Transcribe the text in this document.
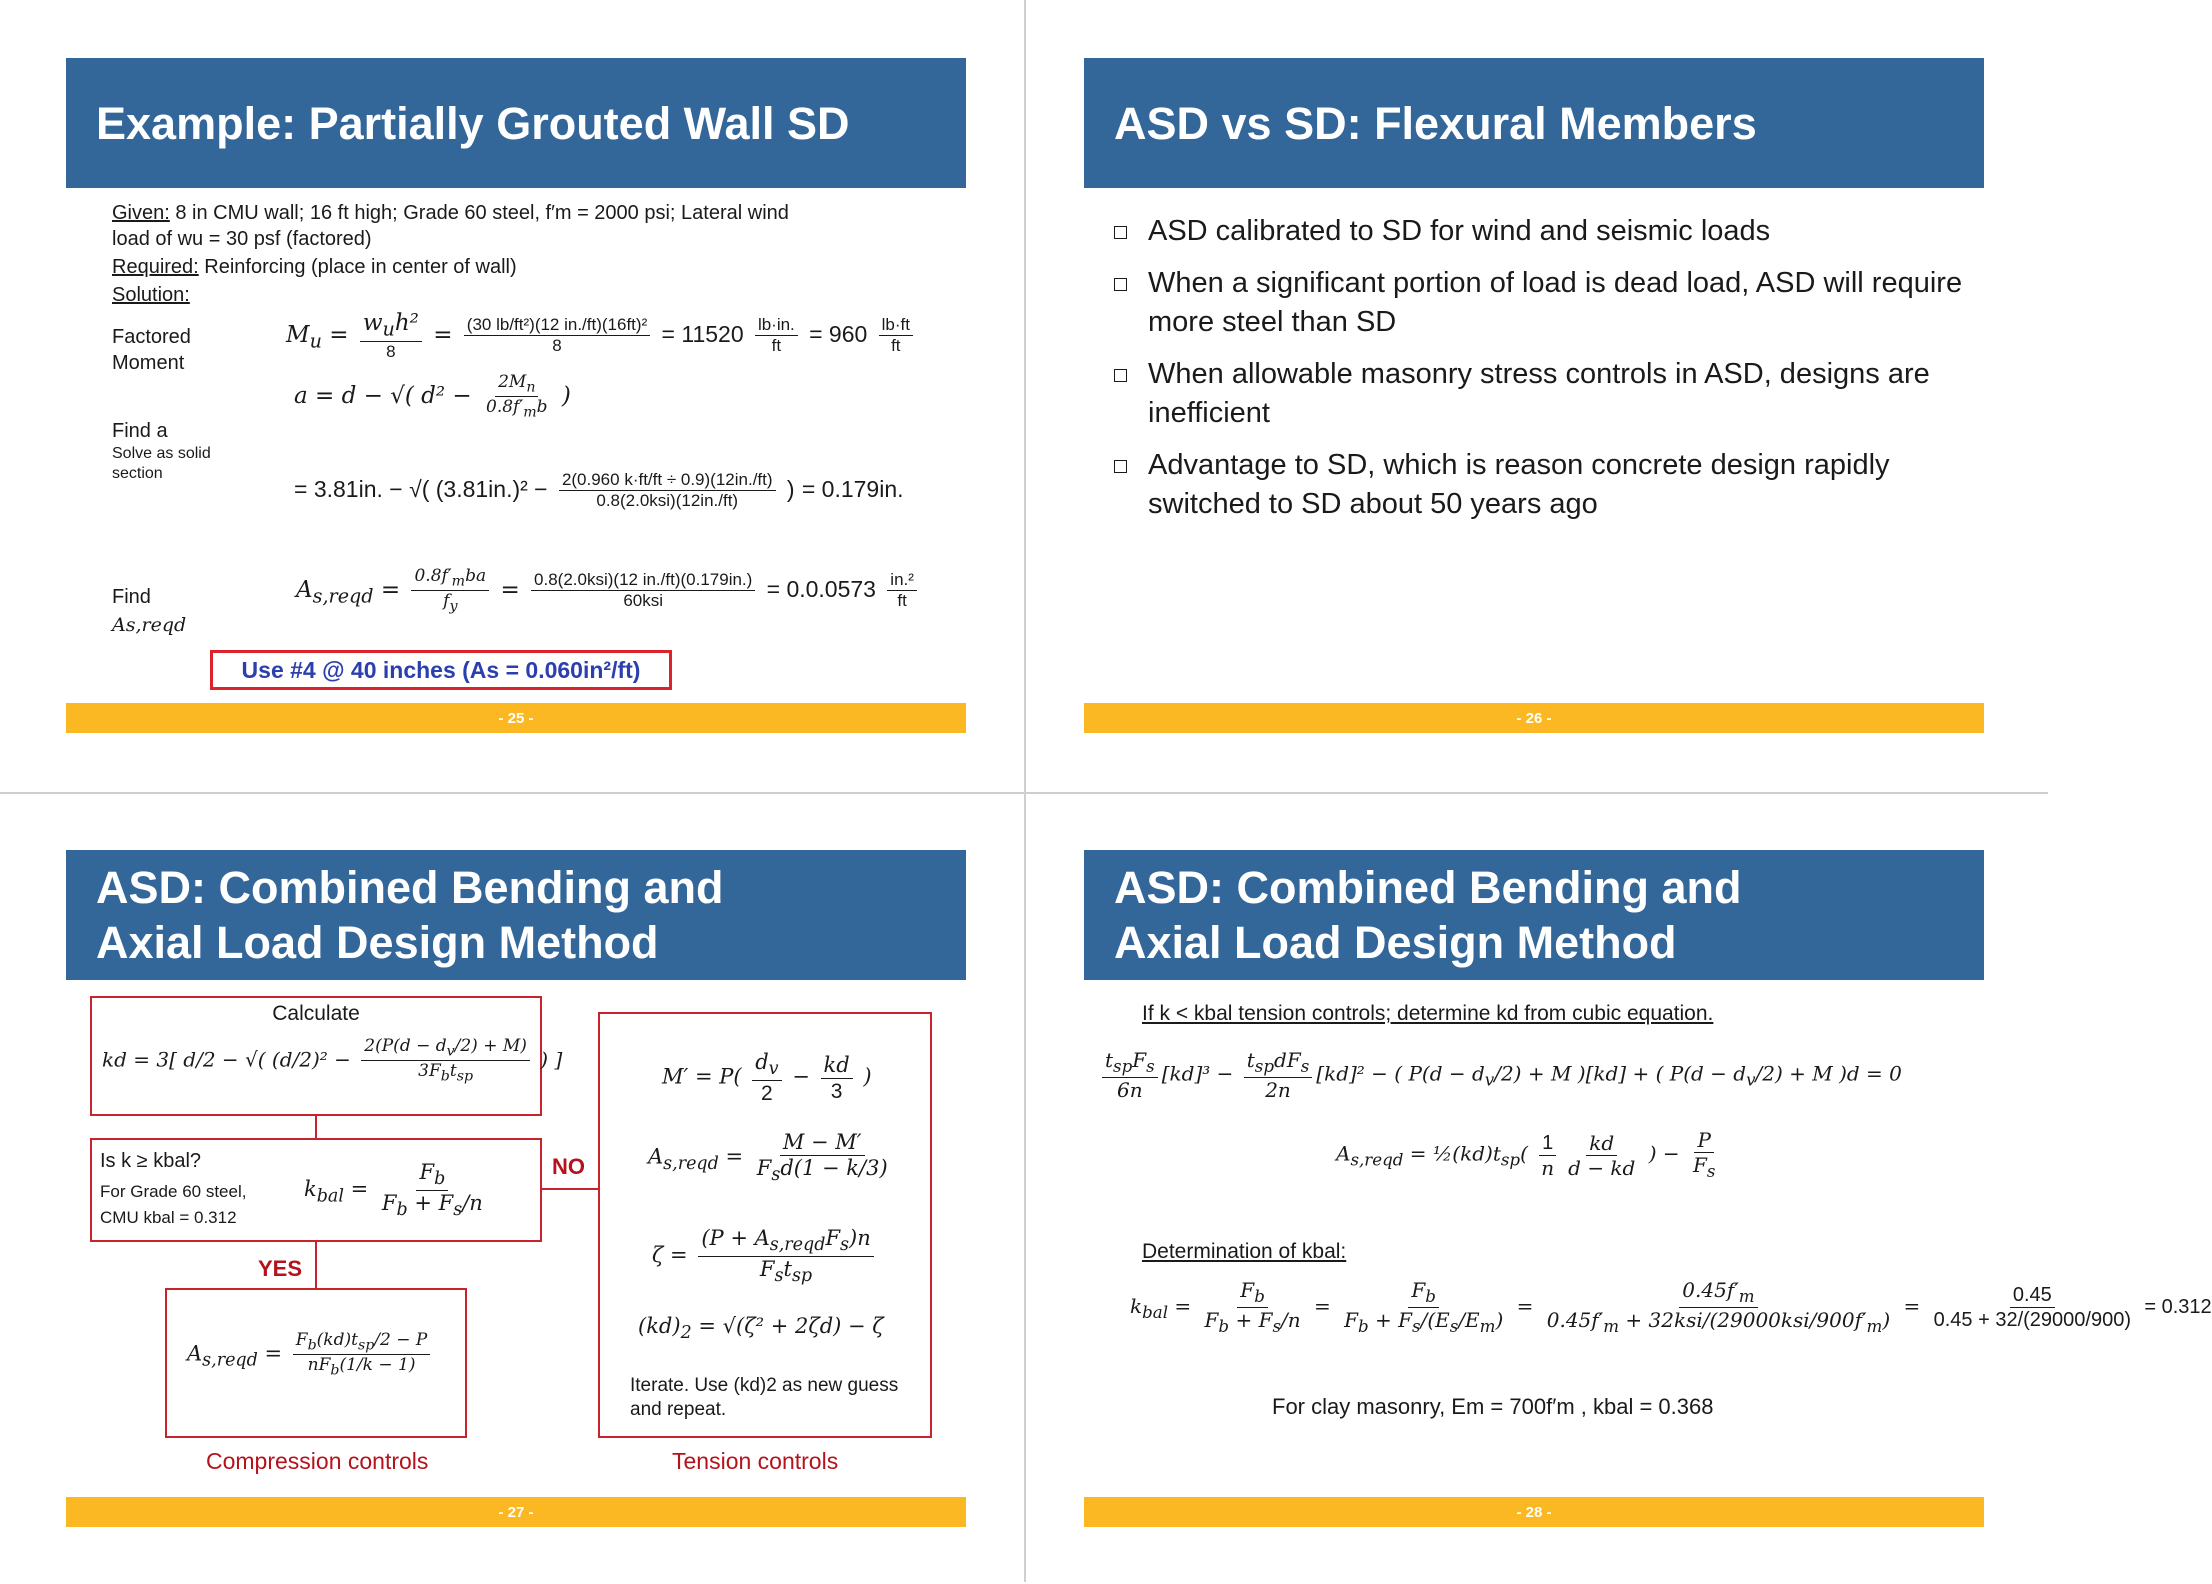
Example: Partially Grouted Wall SD
Given: 8 in CMU wall; 16 ft high; Grade 60 steel, f′m = 2000 psi; Lateral wind
load of wu = 30 psf (factored)
Required: Reinforcing (place in center of wall)
Solution:
Factored Moment
Find a
Solve as solid section
Find
As,reqd
$M_u = \frac{w_uh^2}{8} = \frac{\text{(30 lb/ft²)(12 in./ft)(16ft)²}}{8} = 11520 \frac{lb\cdot in.}{ft} = 960 \frac{lb\cdot ft}{ft}$
a = d − √( $d^2 - \frac{2M_n}{0.8f'_mb}$ )
= 3.81in. − √( $(3.81in.)^2 - \frac{2(0.960 k\cdot ft/ft \div 0.9)(12in./ft)}{\text{0.8(2.0ksi)(12in./ft)}}$ ) = 0.179in.
$A_{s,reqd} = \frac{0.8f'_mba}{f_y} = \frac{\text{0.8(2.0ksi)(12 in./ft)(0.179in.)}}{\text{60ksi}} = 0.0.0573 \frac{\text{in.²}}{ft}$
Use #4 @ 40 inches (As = 0.060in²/ft)
- 25 -
ASD vs SD: Flexural Members
- 26 -
ASD calibrated to SD for wind and seismic loads
When a significant portion of load is dead load, ASD will require more steel than SD
When allowable masonry stress controls in ASD, designs are inefficient
Advantage to SD, which is reason concrete design rapidly switched to SD about 50 years ago
ASD: Combined Bending and
Axial Load Design Method
Calculate
kd = 3[ d/2 − √( $(d/2)^2 - \frac{2(P(d - d_v/2) + M)}{3F_bt_{sp}}$ ) ]
Is k ≥ kbal?
For Grade 60 steel,
CMU kbal = 0.312
$k_{bal} = \frac{F_b}{F_b + F_s/n}$	NO
YES
$A_{s,reqd} = \frac{F_b(kd)t_{sp}/2 - P}{nF_b(1/k - 1)}$
Compression controls
$M' = P( \frac{d_v}{2} - \frac{kd}{3}$ )
$A_{s,reqd} = \frac{M - M'}{F_sd(1 - k/3)}$
$\zeta = \frac{(P + A_{s,reqd}F_s)n}{F_st_{sp}}$
$(kd)_2 = √(\zeta^2 + 2\zeta d) - \zeta$
Iterate. Use (kd)2 as new guess and repeat.
Tension controls
- 27 -
ASD: Combined Bending and
Axial Load Design Method
If k < kbal tension controls; determine kd from cubic equation.
$\frac{t_{sp}F_s}{6n} [kd]^3 - \frac{t_{sp}dF_s}{2n} [kd]^2$ − ( $P(d - d_v/2) + M$ )[kd] + ( $P(d - d_v/2) + M$ )d = 0
$A_{s,reqd}$ = $\frac{1}{2}(kd)t_{sp}( \frac{1}{n} \frac{kd}{d - kd}$ ) − $\frac{P}{F_s}$
Determination of kbal:
$k_{bal} = \frac{F_b}{F_b + F_s/n} = \frac{F_b}{F_b + F_s/(E_s/E_m)} = \frac{0.45f'_m}{0.45f'_m + 32ksi/(29000ksi/900f'_m)} = \frac{0.45}{0.45 + 32/(29000/900)} = 0.312$
For clay masonry, Em = 700f′m , kbal = 0.368
- 28 -
